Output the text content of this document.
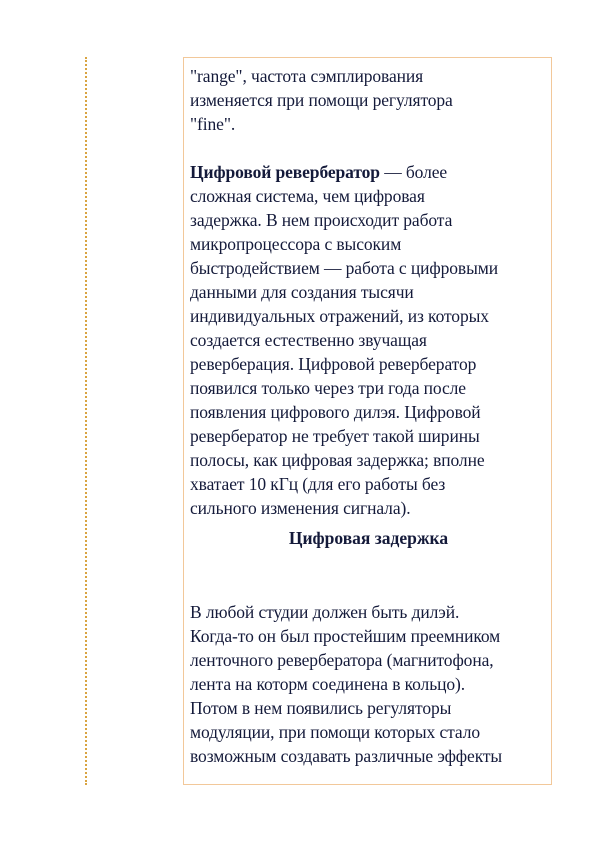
"range", частота сэмплирования

изменяется при помощи регулятора

"fine".

Цифровой ревербератор — более

сложная система, чем цифровая

задержка. В нем происходит работа

микропроцессора с высоким

быстродействием — работа с цифровыми

данными для создания тысячи

индивидуальных отражений, из которых

создается естественно звучащая

реверберация. Цифровой ревербератор

появился только через три года после

появления цифрового дилэя. Цифровой

ревербератор не требует такой ширины

полосы, как цифровая задержка; вполне

хватает 10 кГц (для его работы без

сильного изменения сигнала).

Цифровая задержка

В любой студии должен быть дилэй.

Когда-то он был простейшим преемником

ленточного ревербератора (магнитофона,

лента на которм соединена в кольцо).

Потом в нем появились регуляторы

модуляции, при помощи которых стало

возможным создавать различные эффекты
